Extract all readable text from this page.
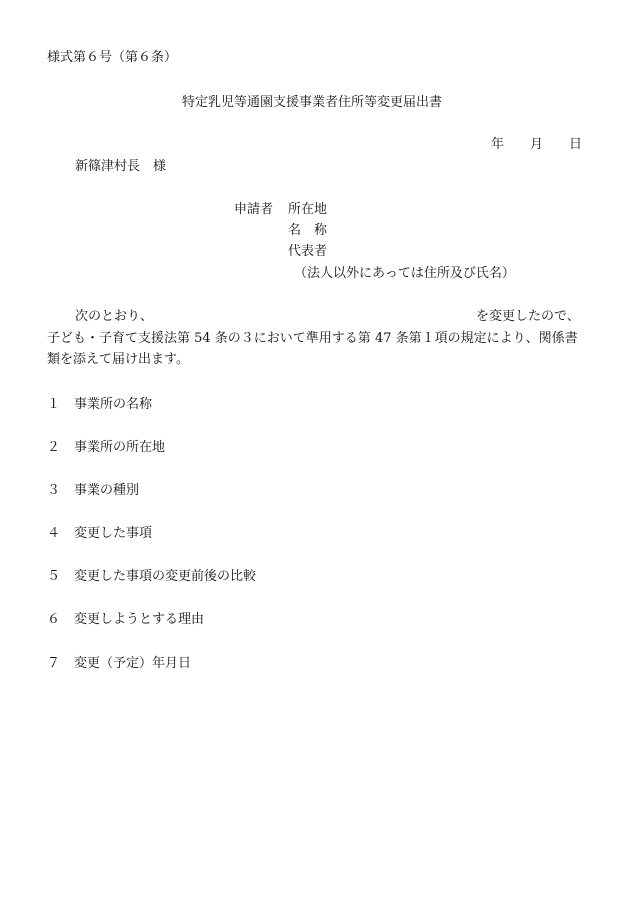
様式第６号（第６条）
特定乳児等通園支援事業者住所等変更届出書
年 月 日
新篠津村長　様
申請者 所在地
名　称
代表者
（法人以外にあっては住所及び氏名）
次のとおり、	を変更したので、
子ども・子育て支援法第 54 条の３において準用する第 47 条第１項の規定により、関係書
類を添えて届け出ます。
１ 事業所の名称
２ 事業所の所在地
３ 事業の種別
４ 変更した事項
５ 変更した事項の変更前後の比較
６ 変更しようとする理由
７ 変更（予定）年月日
